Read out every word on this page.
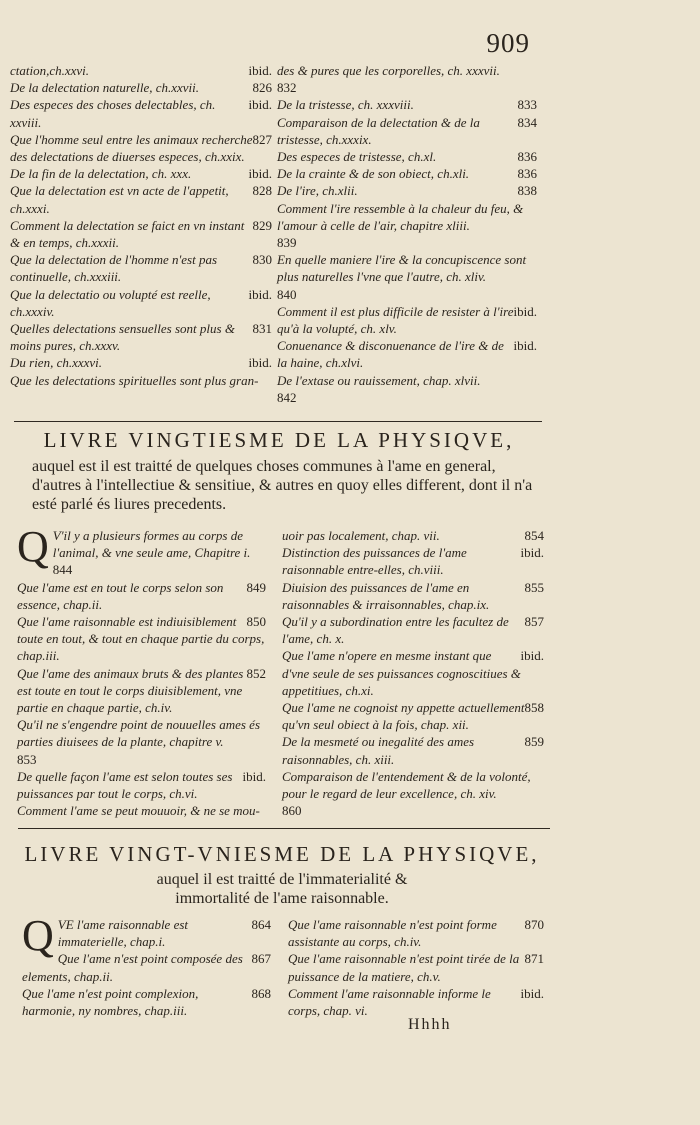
909

ibid.
ctation,ch.xxvi.

826
De la delectation naturelle, ch.xxvii.

ibid.
Des especes des choses delectables, ch. xxviii.

827
Que l'homme seul entre les animaux recherche des delectations de diuerses especes, ch.xxix.

ibid.
De la fin de la delectation, ch. xxx.

828
Que la delectation est vn acte de l'appetit, ch.xxxi.

829
Comment la delectation se faict en vn instant & en temps, ch.xxxii.

830
Que la delectation de l'homme n'est pas continuelle, ch.xxxiii.

ibid.
Que la delectatio ou volupté est reelle, ch.xxxiv.

831
Quelles delectations sensuelles sont plus & moins pures, ch.xxxv.

ibid.
Du rien, ch.xxxvi.

Que les delectations spirituelles sont plus gran-

des & pures que les corporelles, ch. xxxvii.
832

833
De la tristesse, ch. xxxviii.

834
Comparaison de la delectation & de la tristesse, ch.xxxix.

836
Des especes de tristesse, ch.xl.

836
De la crainte & de son obiect, ch.xli.

838
De l'ire, ch.xlii.

Comment l'ire ressemble à la chaleur du feu, & l'amour à celle de l'air, chapitre xliii.
839

En quelle maniere l'ire & la concupiscence sont plus naturelles l'vne que l'autre, ch. xliv.
840

ibid.
Comment il est plus difficile de resister à l'ire qu'à la volupté, ch. xlv.

ibid.
Conuenance & disconuenance de l'ire & de la haine, ch.xlvi.

De l'extase ou rauissement, chap. xlvii.
842

LIVRE VINGTIESME DE LA PHYSIQVE,
auquel est il est traitté de quelques choses communes à l'ame en general, d'autres à l'intellectiue & sensitiue, & autres en quoy elles different, dont il n'a esté parlé és liures precedents.
Q V'il y a plusieurs formes au corps de l'animal, & vne seule ame, Chapitre i.
844

849
Que l'ame est en tout le corps selon son essence, chap.ii.

850
Que l'ame raisonnable est indiuisiblement toute en tout, & tout en chaque partie du corps, chap.iii.

852
Que l'ame des animaux bruts & des plantes est toute en tout le corps diuisiblement, vne partie en chaque partie, ch.iv.

Qu'il ne s'engendre point de nouuelles ames és parties diuisees de la plante, chapitre v.
853

ibid.
De quelle façon l'ame est selon toutes ses puissances par tout le corps, ch.vi.

Comment l'ame se peut mouuoir, & ne se mou-

854
uoir pas localement, chap. vii.

ibid.
Distinction des puissances de l'ame raisonnable entre-elles, ch.viii.

855
Diuision des puissances de l'ame en raisonnables & irraisonnables, chap.ix.

857
Qu'il y a subordination entre les facultez de l'ame, ch. x.

ibid.
Que l'ame n'opere en mesme instant que d'vne seule de ses puissances cognoscitiues & appetitiues, ch.xi.

858
Que l'ame ne cognoist ny appette actuellement qu'vn seul obiect à la fois, chap. xii.

859
De la mesmeté ou inegalité des ames raisonnables, ch. xiii.

Comparaison de l'entendement & de la volonté, pour le regard de leur excellence, ch. xiv.
860

LIVRE VINGT-VNIESME DE LA PHYSIQVE,
auquel il est traitté de l'immaterialité & immortalité de l'ame raisonnable.
Q	864
VE l'ame raisonnable est immaterielle, chap.i.

867
Que l'ame n'est point composée des elements, chap.ii.

868
Que l'ame n'est point complexion, harmonie, ny nombres, chap.iii.

870
Que l'ame raisonnable n'est point forme assistante au corps, ch.iv.

871
Que l'ame raisonnable n'est point tirée de la puissance de la matiere, ch.v.

ibid.
Comment l'ame raisonnable informe le corps, chap. vi.

Hhhh
